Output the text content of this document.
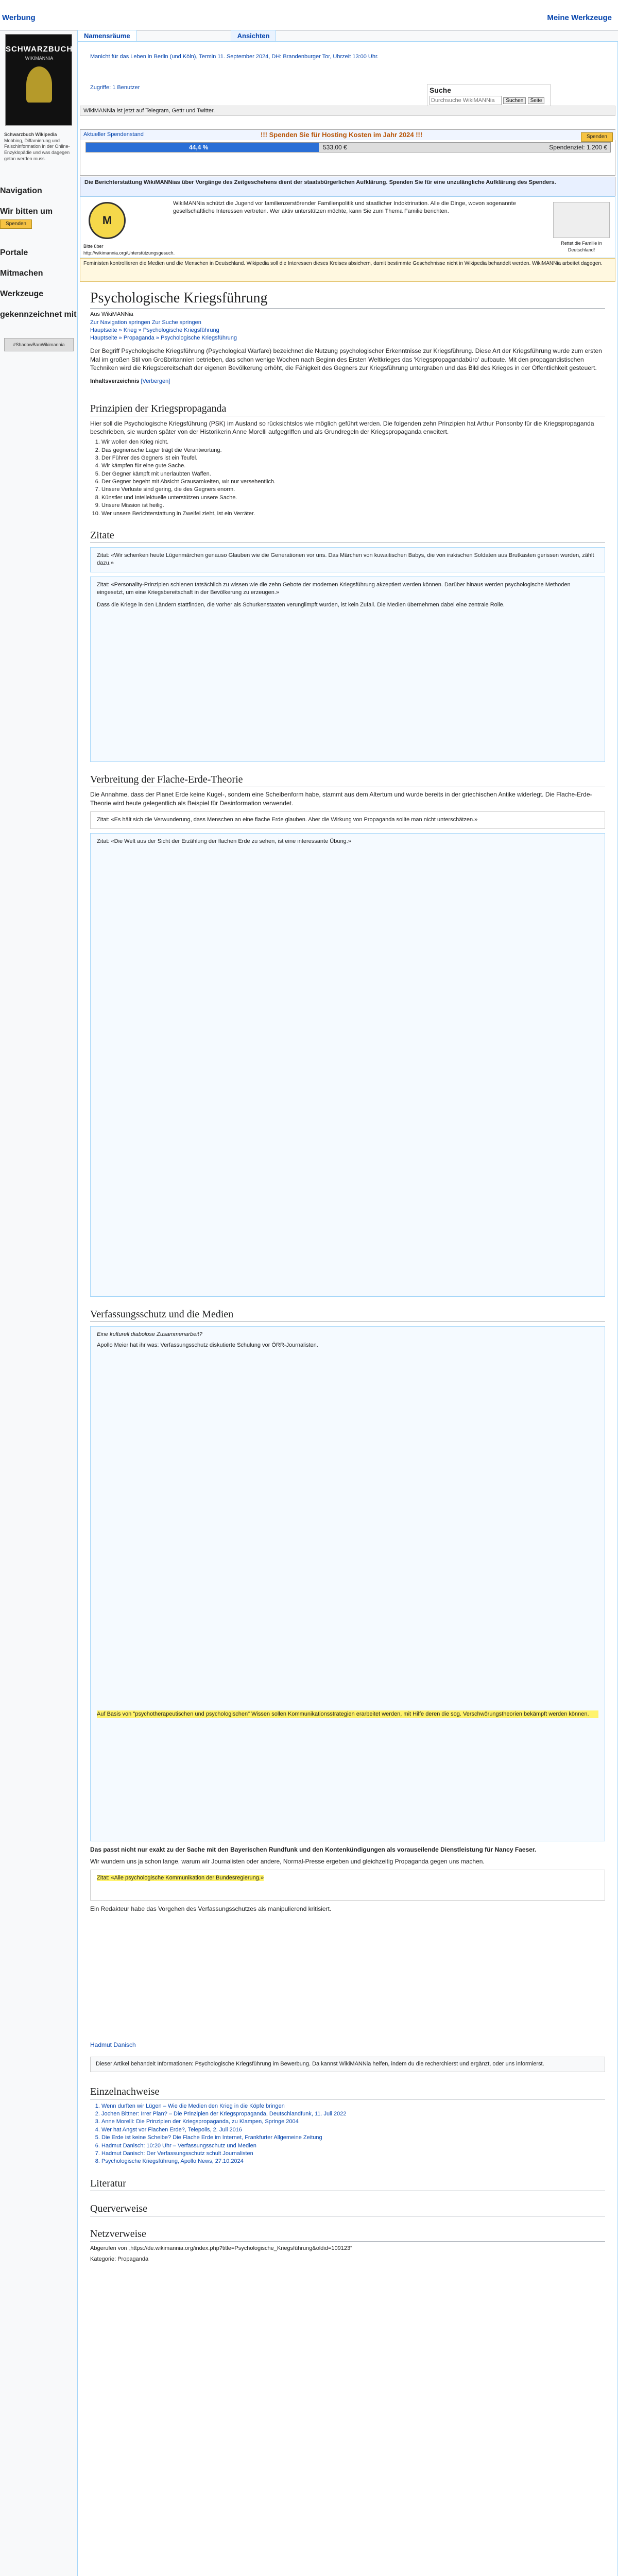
Werbung	Meine Werkzeuge
Namensräume	Ansichten
SCHWARZBUCH
WIKIMANNIA
Schwarzbuch Wikipedia
Mobbing, Diffamierung und Falschinformation in der Online-Enzyklopädie und was dagegen getan werden muss.
Navigation
Wir bitten um
Spenden
Portale
Mitmachen
Werkzeuge
gekennzeichnet mit
#ShadowBanWikimannia
Manicht für das Leben in Berlin (und Köln), Termin 11. September 2024, DH: Brandenburger Tor, Uhrzeit 13:00 Uhr.
Zugriffe: 1 Benutzer	Suche
Durchsuche WikiMANNia Suchen Seite
WikiMANNia ist jetzt auf Telegram, Gettr und Twitter.
Aktueller Spendenstand	!!! Spenden Sie für Hosting Kosten im Jahr 2024 !!!	Spenden
44,4 %	533,00 €	Spendenziel: 1.200 €
Die Berichterstattung WikiMANNias über Vorgänge des Zeitgeschehens dient der staatsbürgerlichen Aufklärung. Spenden Sie für eine unzulängliche Aufklärung des Spenders.
M
Bitte über http://wikimannia.org/Unterstützungsgesuch.
WikiMANNia schützt die Jugend vor familienzerstörender Familienpolitik und staatlicher Indoktrination. Alle die Dinge, wovon sogenannte gesellschaftliche Interessen vertreten. Wer aktiv unterstützen möchte, kann Sie zum Thema Familie berichten.
Rettet die Familie in Deutschland!
Feministen kontrollieren die Medien und die Menschen in Deutschland. Wikipedia soll die Interessen dieses Kreises absichern, damit bestimmte Geschehnisse nicht in Wikipedia behandelt werden. WikiMANNia arbeitet dagegen.
Psychologische Kriegsführung
Aus WikiMANNia
Zur Navigation springen Zur Suche springen
Hauptseite » Krieg » Psychologische Kriegsführung
Hauptseite » Propaganda » Psychologische Kriegsführung

Der Begriff Psychologische Kriegsführung (Psychological Warfare) bezeichnet die Nutzung psychologischer Erkenntnisse zur Kriegsführung. Diese Art der Kriegsführung wurde zum ersten Mal im großen Stil von Großbritannien betrieben, das schon wenige Wochen nach Beginn des Ersten Weltkrieges das 'Kriegspropagandabüro' aufbaute. Mit den propagandistischen Techniken wird die Kriegsbereitschaft der eigenen Bevölkerung erhöht, die Fähigkeit des Gegners zur Kriegsführung untergraben und das Bild des Krieges in der Öffentlichkeit gesteuert.

Inhaltsverzeichnis [Verbergen]
Prinzipien der Kriegspropaganda

Hier soll die Psychologische Kriegsführung (PSK) im Ausland so rücksichtslos wie möglich geführt werden. Die folgenden zehn Prinzipien hat Arthur Ponsonby für die Kriegspropaganda beschrieben, sie wurden später von der Historikerin Anne Morelli aufgegriffen und als Grundregeln der Kriegspropaganda erweitert.

1. Wir wollen den Krieg nicht.
2. Das gegnerische Lager trägt die Verantwortung.
3. Der Führer des Gegners ist ein Teufel.
4. Wir kämpfen für eine gute Sache.
5. Der Gegner kämpft mit unerlaubten Waffen.
6. Der Gegner begeht mit Absicht Grausamkeiten, wir nur versehentlich.
7. Unsere Verluste sind gering, die des Gegners enorm.
8. Künstler und Intellektuelle unterstützen unsere Sache.
9. Unsere Mission ist heilig.
10. Wer unsere Berichterstattung in Zweifel zieht, ist ein Verräter.
Zitate
Zitat: «Wir schenken heute Lügenmärchen genauso Glauben wie die Generationen vor uns. Das Märchen von kuwaitischen Babys, die von irakischen Soldaten aus Brutkästen gerissen wurden, zählt dazu.»

Zitat: «Personality-Prinzipien schienen tatsächlich zu wissen wie die zehn Gebote der modernen Kriegsführung akzeptiert werden können. Darüber hinaus werden psychologische Methoden eingesetzt, um eine Kriegsbereitschaft in der Bevölkerung zu erzeugen.»

Dass die Kriege in den Ländern stattfinden, die vorher als Schurkenstaaten verunglimpft wurden, ist kein Zufall. Die Medien übernehmen dabei eine zentrale Rolle.

Verbreitung der Flache-Erde-Theorie

Die Annahme, dass der Planet Erde keine Kugel-, sondern eine Scheibenform habe, stammt aus dem Altertum und wurde bereits in der griechischen Antike widerlegt. Die Flache-Erde-Theorie wird heute gelegentlich als Beispiel für Desinformation verwendet.

Zitat: «Es hält sich die Verwunderung, dass Menschen an eine flache Erde glauben. Aber die Wirkung von Propaganda sollte man nicht unterschätzen.»
Zitat: «Die Welt aus der Sicht der Erzählung der flachen Erde zu sehen, ist eine interessante Übung.»
Verfassungsschutz und die Medien

Eine kulturell diabolose Zusammenarbeit?

Apollo Meier hat ihr was: Verfassungsschutz diskutierte Schulung vor ÖRR-Journalisten.

Auf Basis von "psychotherapeutischen und psychologischen" Wissen sollen Kommunikationsstrategien erarbeitet werden, mit Hilfe deren die sog. Verschwörungstheorien bekämpft werden können.

Das passt nicht nur exakt zu der Sache mit den Bayerischen Rundfunk und den Kontenkündigungen als vorauseilende Dienstleistung für Nancy Faeser.

Wir wundern uns ja schon lange, warum wir Journalisten oder andere, Normal-Presse ergeben und gleichzeitig Propaganda gegen uns machen.

Zitat: «Alle psychologische Kommunikation der Bundesregierung.»

Ein Redakteur habe das Vorgehen des Verfassungsschutzes als manipulierend kritisiert.

Hadmut Danisch

Dieser Artikel behandelt Informationen: Psychologische Kriegsführung im Bewerbung. Da kannst WikiMANNia helfen, indem du die recherchierst und ergänzt, oder uns informierst.
Einzelnachweise
1. Wenn durften wir Lügen – Wie die Medien den Krieg in die Köpfe bringen
2. Jochen Bittner: Irrer Plan? – Die Prinzipien der Kriegspropaganda, Deutschlandfunk, 11. Juli 2022
3. Anne Morelli: Die Prinzipien der Kriegspropaganda, zu Klampen, Springe 2004
4. Wer hat Angst vor Flachen Erde?, Telepolis, 2. Juli 2016
5. Die Erde ist keine Scheibe? Die Flache Erde im Internet, Frankfurter Allgemeine Zeitung
6. Hadmut Danisch: 10:20 Uhr – Verfassungsschutz und Medien
7. Hadmut Danisch: Der Verfassungsschutz schult Journalisten
8. Psychologische Kriegsführung, Apollo News, 27.10.2024
Literatur
Querverweise
Netzverweise

Abgerufen von „https://de.wikimannia.org/index.php?title=Psychologische_Kriegsführung&oldid=109123“

Kategorie: Propaganda
